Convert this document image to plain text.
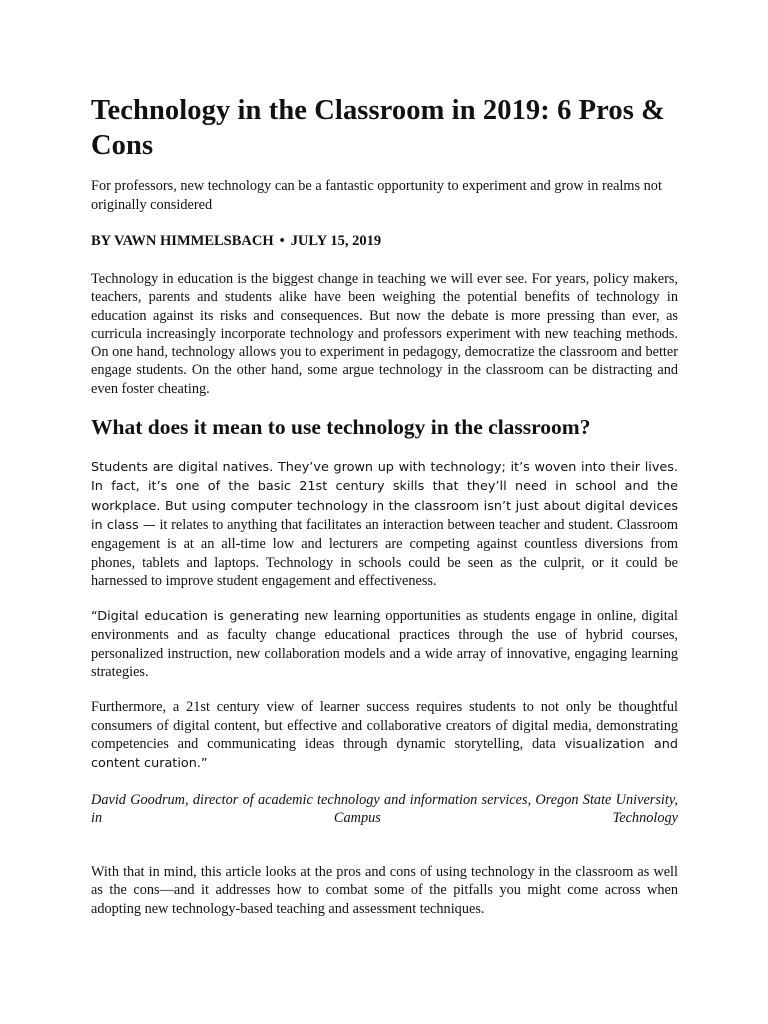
Technology in the Classroom in 2019: 6 Pros & Cons
For professors, new technology can be a fantastic opportunity to experiment and grow in realms not originally considered
BY VAWN HIMMELSBACH • JULY 15, 2019

Technology in education is the biggest change in teaching we will ever see. For years, policy makers, teachers, parents and students alike have been weighing the potential benefits of technology in education against its risks and consequences. But now the debate is more pressing than ever, as curricula increasingly incorporate technology and professors experiment with new teaching methods. On one hand, technology allows you to experiment in pedagogy, democratize the classroom and better engage students. On the other hand, some argue technology in the classroom can be distracting and even foster cheating.

What does it mean to use technology in the classroom?

Students are digital natives. They’ve grown up with technology; it’s woven into their lives. In fact, it’s one of the basic 21st century skills that they’ll need in school and the workplace. But using computer technology in the classroom isn’t just about digital devices in class — it relates to anything that facilitates an interaction between teacher and student. Classroom engagement is at an all-time low and lecturers are competing against countless diversions from phones, tablets and laptops. Technology in schools could be seen as the culprit, or it could be harnessed to improve student engagement and effectiveness.

“Digital education is generating new learning opportunities as students engage in online, digital environments and as faculty change educational practices through the use of hybrid courses, personalized instruction, new collaboration models and a wide array of innovative, engaging learning strategies.

Furthermore, a 21st century view of learner success requires students to not only be thoughtful consumers of digital content, but effective and collaborative creators of digital media, demonstrating competencies and communicating ideas through dynamic storytelling, data visualization and content curation.”

David Goodrum, director of academic technology and information services, Oregon State University, in Campus Technology

With that in mind, this article looks at the pros and cons of using technology in the classroom as well as the cons—and it addresses how to combat some of the pitfalls you might come across when adopting new technology-based teaching and assessment techniques.
